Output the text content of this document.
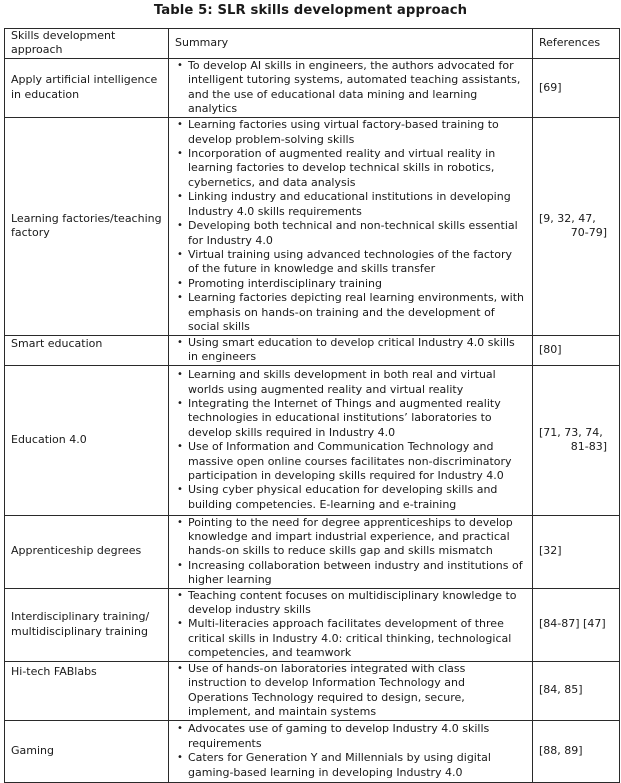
Table 5: SLR skills development approach
Skills development approach	Summary	References
Apply artificial intelligence in education	
• To develop AI skills in engineers, the authors advocated for intelligent tutoring systems, automated teaching assistants, and the use of educational data mining and learning analytics
	[69]
Learning factories/teaching factory	
• Learning factories using virtual factory-based training to develop problem-solving skills
• Incorporation of augmented reality and virtual reality in learning factories to develop technical skills in robotics, cybernetics, and data analysis
• Linking industry and educational institutions in developing Industry 4.0 skills requirements
• Developing both technical and non-technical skills essential for Industry 4.0
• Virtual training using advanced technologies of the factory of the future in knowledge and skills transfer
• Promoting interdisciplinary training
• Learning factories depicting real learning environments, with emphasis on hands-on training and the development of social skills
	[9, 32, 47,
70-79]

Smart education	
•Using smart education to develop critical Industry 4.0 skills in engineers
	[80]
Education 4.0	
• Learning and skills development in both real and virtual worlds using augmented reality and virtual reality
• Integrating the Internet of Things and augmented reality technologies in educational institutions’ laboratories to develop skills required in Industry 4.0
• Use of Information and Communication Technology and massive open online courses facilitates non-discriminatory participation in developing skills required for Industry 4.0
• Using cyber physical education for developing skills and building competencies. E-learning and e-training
	[71, 73, 74,
81-83]

Apprenticeship degrees	
• Pointing to the need for degree apprenticeships to develop knowledge and impart industrial experience, and practical hands-on skills to reduce skills gap and skills mismatch
• Increasing collaboration between industry and institutions of higher learning
	[32]
Interdisciplinary training/ multidisciplinary training	
• Teaching content focuses on multidisciplinary knowledge to develop industry skills
• Multi-literacies approach facilitates development of three critical skills in Industry 4.0: critical thinking, technological competencies, and teamwork
	[84-87] [47]
Hi-tech FABlabs	
•Use of hands-on laboratories integrated with class instruction to develop Information Technology and Operations Technology required to design, secure, implement, and maintain systems
	[84, 85]
Gaming	
• Advocates use of gaming to develop Industry 4.0 skills requirements
• Caters for Generation Y and Millennials by using digital gaming-based learning in developing Industry 4.0
	[88, 89]
